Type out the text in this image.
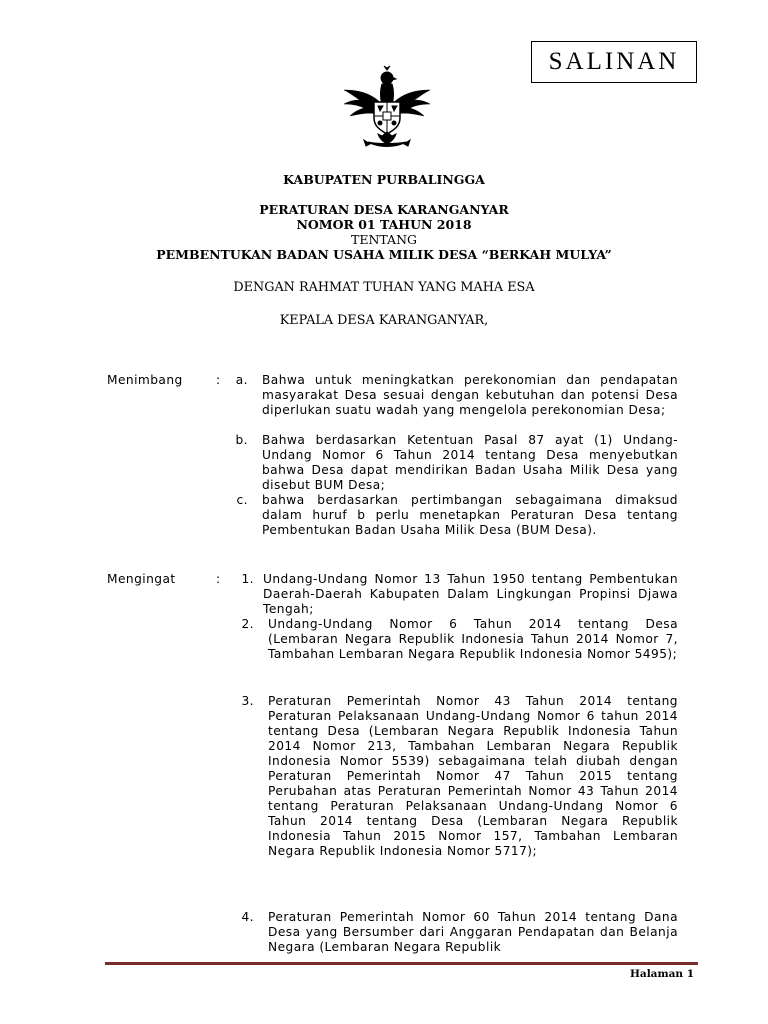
SALINAN
KABUPATEN PURBALINGGA
PERATURAN DESA KARANGANYAR
NOMOR 01 TAHUN 2018
TENTANG
PEMBENTUKAN BADAN USAHA MILIK DESA “BERKAH MULYA”
DENGAN RAHMAT TUHAN YANG MAHA ESA
KEPALA DESA KARANGANYAR,
Menimbang	:	a. Bahwa untuk meningkatkan perekonomian dan pendapatan masyarakat Desa sesuai dengan kebutuhan dan potensi Desa diperlukan suatu wadah yang mengelola perekonomian Desa;
b. Bahwa berdasarkan Ketentuan Pasal 87 ayat (1) Undang-Undang Nomor 6 Tahun 2014 tentang Desa menyebutkan bahwa Desa dapat mendirikan Badan Usaha Milik Desa yang disebut BUM Desa;
c. bahwa berdasarkan pertimbangan sebagaimana dimaksud dalam huruf b perlu menetapkan Peraturan Desa tentang Pembentukan Badan Usaha Milik Desa (BUM Desa).
Mengingat	:	1. Undang-Undang Nomor 13 Tahun 1950 tentang Pembentukan Daerah-Daerah Kabupaten Dalam Lingkungan Propinsi Djawa Tengah;
2. Undang-Undang Nomor 6 Tahun 2014 tentang Desa (Lembaran Negara Republik Indonesia Tahun 2014 Nomor 7, Tambahan Lembaran Negara Republik Indonesia Nomor 5495);
3. Peraturan Pemerintah Nomor 43 Tahun 2014 tentang Peraturan Pelaksanaan Undang-Undang Nomor 6 tahun 2014 tentang Desa (Lembaran Negara Republik Indonesia Tahun 2014 Nomor 213, Tambahan Lembaran Negara Republik Indonesia Nomor 5539) sebagaimana telah diubah dengan Peraturan Pemerintah Nomor 47 Tahun 2015 tentang Perubahan atas Peraturan Pemerintah Nomor 43 Tahun 2014 tentang Peraturan Pelaksanaan Undang-Undang Nomor 6 Tahun 2014 tentang Desa (Lembaran Negara Republik Indonesia Tahun 2015 Nomor 157, Tambahan Lembaran Negara Republik Indonesia Nomor 5717);
4. Peraturan Pemerintah Nomor 60 Tahun 2014 tentang Dana Desa yang Bersumber dari Anggaran Pendapatan dan Belanja Negara (Lembaran Negara Republik
Halaman 1
